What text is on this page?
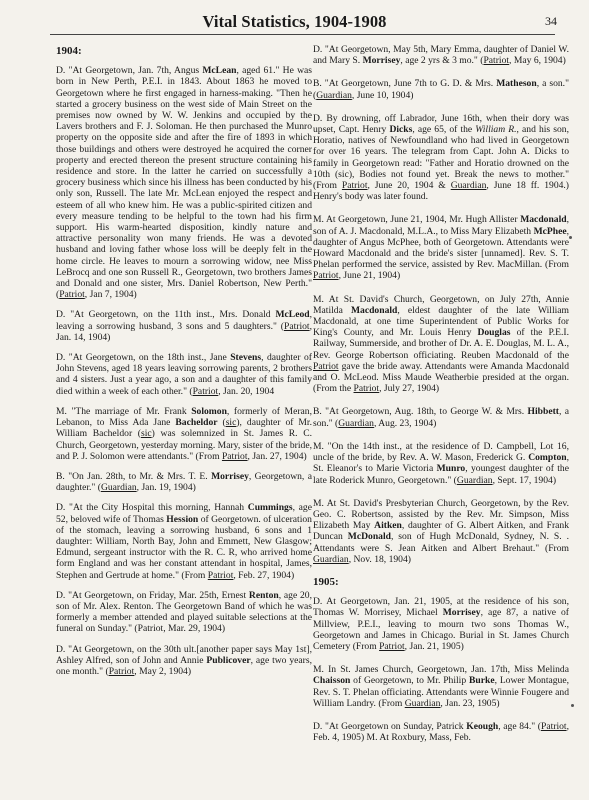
Vital Statistics, 1904-1908	34
1904:

D. "At Georgetown, Jan. 7th, Angus McLean, aged 61." He was born in New Perth, P.E.I. in 1843. About 1863 he moved to Georgetown where he first engaged in harness-making. "Then he started a grocery business on the west side of Main Street on the premises now owned by W. W. Jenkins and occupied by the Lavers brothers and F. J. Soloman. He then purchased the Munro property on the opposite side and after the fire of 1893 in which those buildings and others were destroyed he acquired the corner property and erected thereon the present structure containing his residence and store. In the latter he carried on successfully a grocery business which since his illness has been conducted by his only son, Russell. The late Mr. McLean enjoyed the respect and esteem of all who knew him. He was a public-spirited citizen and every measure tending to be helpful to the town had his firm support. His warm-hearted disposition, kindly nature and attractive personality won many friends. He was a devoted husband and loving father whose loss will be deeply felt in the home circle. He leaves to mourn a sorrowing widow, nee Miss LeBrocq and one son Russell R., Georgetown, two brothers James and Donald and one sister, Mrs. Daniel Robertson, New Perth." (Patriot, Jan 7, 1904)

D. "At Georgetown, on the 11th inst., Mrs. Donald McLeod, leaving a sorrowing husband, 3 sons and 5 daughters." (Patriot, Jan. 14, 1904)

D. "At Georgetown, on the 18th inst., Jane Stevens, daughter of John Stevens, aged 18 years leaving sorrowing parents, 2 brothers and 4 sisters. Just a year ago, a son and a daughter of this family died within a week of each other." (Patriot, Jan. 20, 1904

M. "The marriage of Mr. Frank Solomon, formerly of Meran, Lebanon, to Miss Ada Jane Bacheldor (sic), daughter of Mr. William Bacheldor (sic) was solemnized in St. James R. C. Church, Georgetown, yesterday morning. Mary, sister of the bride, and P. J. Solomon were attendants." (From Patriot, Jan. 27, 1904)

B. "On Jan. 28th, to Mr. & Mrs. T. E. Morrisey, Georgetown, a daughter." (Guardian, Jan. 19, 1904)

D. "At the City Hospital this morning, Hannah Cummings, age 52, beloved wife of Thomas Hession of Georgetown. of ulceration of the stomach, leaving a sorrowing husband, 6 sons and 1 daughter: William, North Bay, John and Emmett, New Glasgow; Edmund, sergeant instructor with the R. C. R, who arrived home form England and was her constant attendant in hospital, James, Stephen and Gertrude at home." (From Patriot, Feb. 27, 1904)

D. "At Georgetown, on Friday, Mar. 25th, Ernest Renton, age 20, son of Mr. Alex. Renton. The Georgetown Band of which he was formerly a member attended and played suitable selections at the funeral on Sunday." (Patriot, Mar. 29, 1904)

D. "At Georgetown, on the 30th ult.[another paper says May 1st], Ashley Alfred, son of John and Annie Publicover, age two years, one month." (Patriot, May 2, 1904)

D. "At Georgetown, May 5th, Mary Emma, daughter of Daniel W. and Mary S. Morrisey, age 2 yrs & 3 mo." (Patriot, May 6, 1904)

B. "At Georgetown, June 7th to G. D. & Mrs. Matheson, a son." (Guardian, June 10, 1904)

D. By drowning, off Labrador, June 16th, when their dory was upset, Capt. Henry Dicks, age 65, of the William R., and his son, Horatio, natives of Newfoundland who had lived in Georgetown for over 16 years. The telegram from Capt. John A. Dicks to family in Georgetown read: "Father and Horatio drowned on the 10th (sic), Bodies not found yet. Break the news to mother." (From Patriot, June 20, 1904 & Guardian, June 18 ff. 1904.) Henry's body was later found.

M. At Georgetown, June 21, 1904, Mr. Hugh Allister Macdonald, son of A. J. Macdonald, M.L.A., to Miss Mary Elizabeth McPhee, daughter of Angus McPhee, both of Georgetown. Attendants were Howard Macdonald and the bride's sister [unnamed]. Rev. S. T. Phelan performed the service, assisted by Rev. MacMillan. (From Patriot, June 21, 1904)

M. At St. David's Church, Georgetown, on July 27th, Annie Matilda Macdonald, eldest daughter of the late William Macdonald, at one time Superintendent of Public Works for King's County, and Mr. Louis Henry Douglas of the P.E.I. Railway, Summerside, and brother of Dr. A. E. Douglas, M. L. A., Rev. George Robertson officiating. Reuben Macdonald of the Patriot gave the bride away. Attendants were Amanda Macdonald and O. McLeod. Miss Maude Weatherbie presided at the organ. (From the Patriot, July 27, 1904)

B. "At Georgetown, Aug. 18th, to George W. & Mrs. Hibbett, a son." (Guardian, Aug. 23, 1904)

M. "On the 14th inst., at the residence of D. Campbell, Lot 16, uncle of the bride, by Rev. A. W. Mason, Frederick G. Compton, St. Eleanor's to Marie Victoria Munro, youngest daughter of the late Roderick Munro, Georgetown." (Guardian, Sept. 17, 1904)

M. At St. David's Presbyterian Church, Georgetown, by the Rev. Geo. C. Robertson, assisted by the Rev. Mr. Simpson, Miss Elizabeth May Aitken, daughter of G. Albert Aitken, and Frank Duncan McDonald, son of Hugh McDonald, Sydney, N. S. . Attendants were S. Jean Aitken and Albert Brehaut." (From Guardian, Nov. 18, 1904)

1905:

D. At Georgetown, Jan. 21, 1905, at the residence of his son, Thomas W. Morrisey, Michael Morrisey, age 87, a native of Millview, P.E.I., leaving to mourn two sons Thomas W., Georgetown and James in Chicago. Burial in St. James Church Cemetery (From Patriot, Jan. 21, 1905)

M. In St. James Church, Georgetown, Jan. 17th, Miss Melinda Chaisson of Georgetown, to Mr. Philip Burke, Lower Montague, Rev. S. T. Phelan officiating. Attendants were Winnie Fougere and William Landry. (From Guardian, Jan. 23, 1905)

D. "At Georgetown on Sunday, Patrick Keough, age 84." (Patriot, Feb. 4, 1905) M. At Roxbury, Mass, Feb.
